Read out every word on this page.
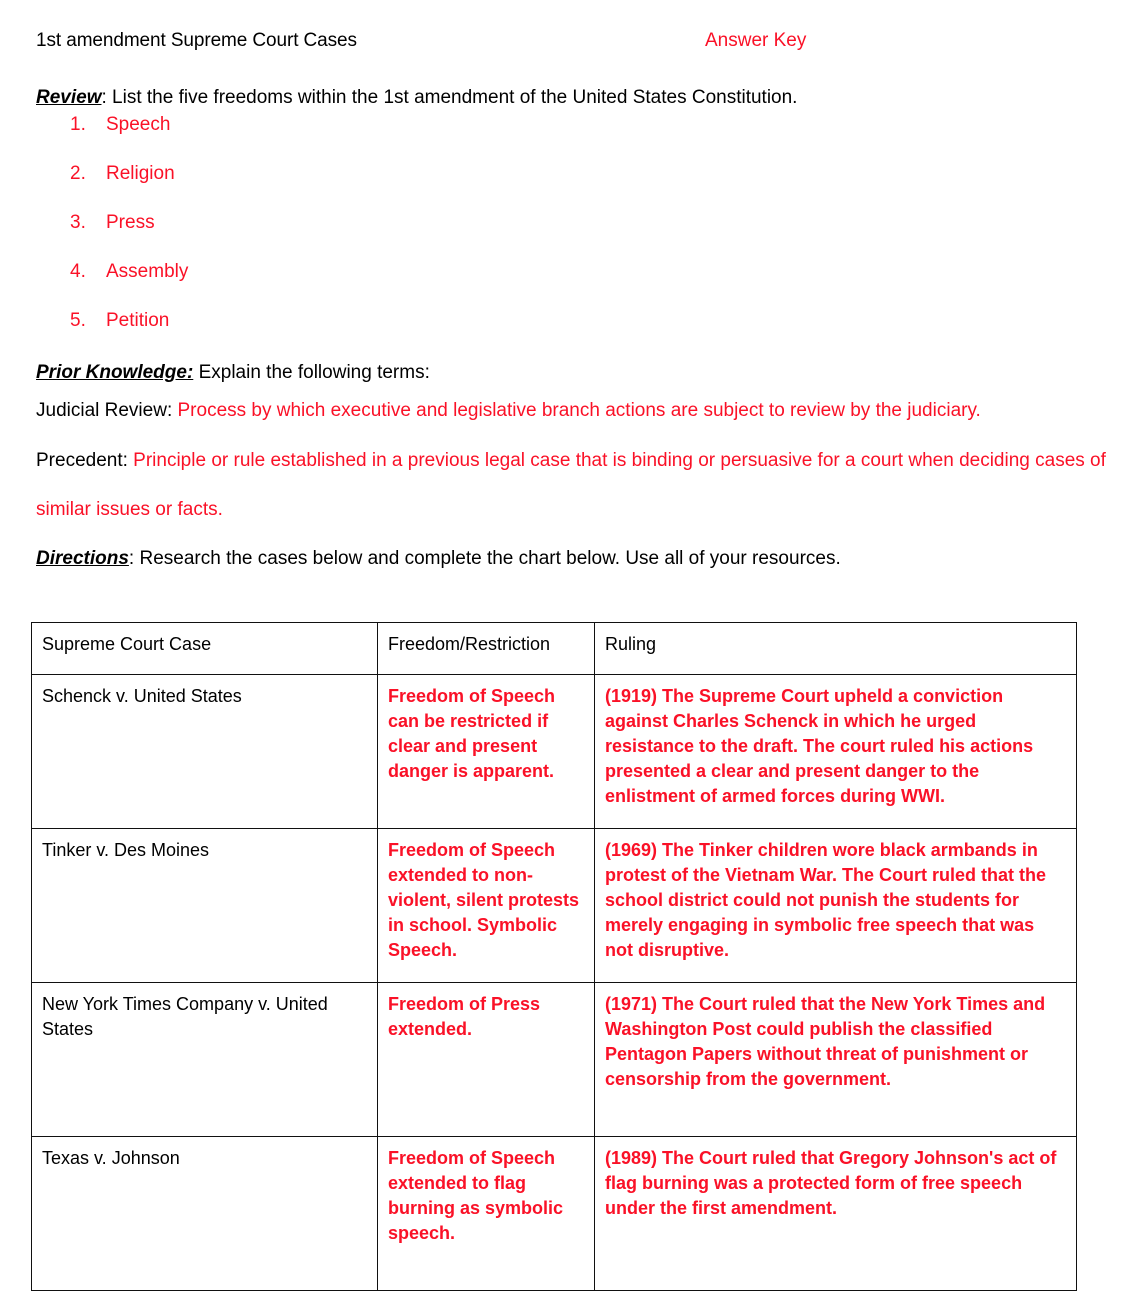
1st amendment Supreme Court Cases	Answer Key
Review: List the five freedoms within the 1st amendment of the United States Constitution.
1.	Speech
2.	Religion
3.	Press
4.	Assembly
5.	Petition
Prior Knowledge: Explain the following terms:
Judicial Review: Process by which executive and legislative branch actions are subject to review by the judiciary.
Precedent: Principle or rule established in a previous legal case that is binding or persuasive for a court when deciding cases of similar issues or facts.
Directions: Research the cases below and complete the chart below. Use all of your resources.
Supreme Court Case	Freedom/Restriction	Ruling
Schenck v. United States	Freedom of Speech can be restricted if clear and present danger is apparent.	(1919) The Supreme Court upheld a conviction against Charles Schenck in which he urged resistance to the draft. The court ruled his actions presented a clear and present danger to the enlistment of armed forces during WWI.
Tinker v. Des Moines	Freedom of Speech extended to non-violent, silent protests in school. Symbolic Speech.	(1969) The Tinker children wore black armbands in protest of the Vietnam War. The Court ruled that the school district could not punish the students for merely engaging in symbolic free speech that was not disruptive.
New York Times Company v. United States	Freedom of Press extended.	(1971) The Court ruled that the New York Times and Washington Post could publish the classified Pentagon Papers without threat of punishment or censorship from the government.
Texas v. Johnson	Freedom of Speech extended to flag burning as symbolic speech.	(1989) The Court ruled that Gregory Johnson's act of flag burning was a protected form of free speech under the first amendment.
